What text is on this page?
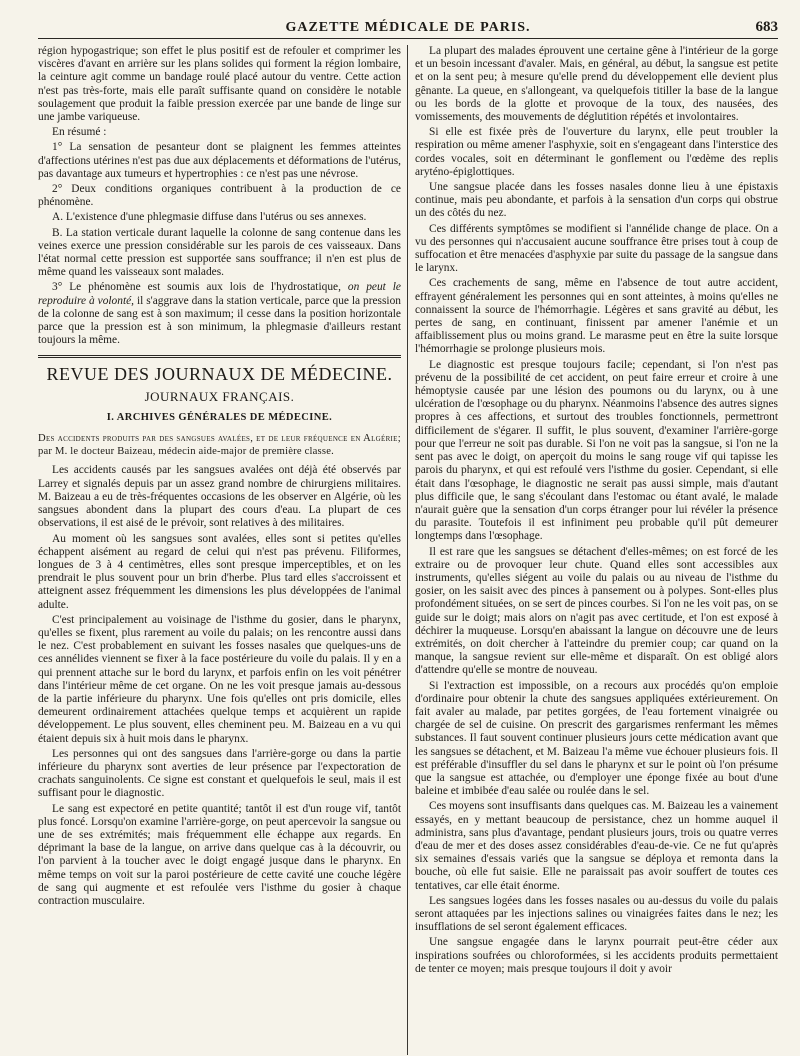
GAZETTE MÉDICALE DE PARIS.	683

région hypogastrique; son effet le plus positif est de refouler et comprimer les viscères d'avant en arrière sur les plans solides qui forment la région lombaire, la ceinture agit comme un bandage roulé placé autour du ventre. Cette action n'est pas très-forte, mais elle paraît suffisante quand on considère le notable soulagement que produit la faible pression exercée par une bande de linge sur une jambe variqueuse.

En résumé :

1° La sensation de pesanteur dont se plaignent les femmes atteintes d'affections utérines n'est pas due aux déplacements et déformations de l'utérus, pas davantage aux tumeurs et hypertrophies : ce n'est pas une névrose.

2° Deux conditions organiques contribuent à la production de ce phénomène.

A. L'existence d'une phlegmasie diffuse dans l'utérus ou ses annexes.

B. La station verticale durant laquelle la colonne de sang contenue dans les veines exerce une pression considérable sur les parois de ces vaisseaux. Dans l'état normal cette pression est supportée sans souffrance; il n'en est plus de même quand les vaisseaux sont malades.

3° Le phénomène est soumis aux lois de l'hydrostatique, on peut le reproduire à volonté, il s'aggrave dans la station verticale, parce que la pression de la colonne de sang est à son maximum; il cesse dans la position horizontale parce que la pression est à son minimum, la phlegmasie d'ailleurs restant toujours la même.

REVUE DES JOURNAUX DE MÉDECINE.
JOURNAUX FRANÇAIS.
I. ARCHIVES GÉNÉRALES DE MÉDECINE.

Des accidents produits par des sangsues avalées, et de leur fréquence en Algérie; par M. le docteur Baizeau, médecin aide-major de première classe.

Les accidents causés par les sangsues avalées ont déjà été observés par Larrey et signalés depuis par un assez grand nombre de chirurgiens militaires. M. Baizeau a eu de très-fréquentes occasions de les observer en Algérie, où les sangsues abondent dans la plupart des cours d'eau. La plupart de ces observations, il est aisé de le prévoir, sont relatives à des militaires.

Au moment où les sangsues sont avalées, elles sont si petites qu'elles échappent aisément au regard de celui qui n'est pas prévenu. Filiformes, longues de 3 à 4 centimètres, elles sont presque imperceptibles, et on les prendrait le plus souvent pour un brin d'herbe. Plus tard elles s'accroissent et atteignent assez fréquemment les dimensions les plus développées de l'animal adulte.

C'est principalement au voisinage de l'isthme du gosier, dans le pharynx, qu'elles se fixent, plus rarement au voile du palais; on les rencontre aussi dans le nez. C'est probablement en suivant les fosses nasales que quelques-uns de ces annélides viennent se fixer à la face postérieure du voile du palais. Il y en a qui prennent attache sur le bord du larynx, et parfois enfin on les voit pénétrer dans l'intérieur même de cet organe. On ne les voit presque jamais au-dessous de la partie inférieure du pharynx. Une fois qu'elles ont pris domicile, elles demeurent ordinairement attachées quelque temps et acquièrent un rapide développement. Le plus souvent, elles cheminent peu. M. Baizeau en a vu qui étaient depuis six à huit mois dans le pharynx.

Les personnes qui ont des sangsues dans l'arrière-gorge ou dans la partie inférieure du pharynx sont averties de leur présence par l'expectoration de crachats sanguinolents. Ce signe est constant et quelquefois le seul, mais il est suffisant pour le diagnostic.

Le sang est expectoré en petite quantité; tantôt il est d'un rouge vif, tantôt plus foncé. Lorsqu'on examine l'arrière-gorge, on peut apercevoir la sangsue ou une de ses extrémités; mais fréquemment elle échappe aux regards. En déprimant la base de la langue, on arrive dans quelque cas à la découvrir, ou l'on parvient à la toucher avec le doigt engagé jusque dans le pharynx. En même temps on voit sur la paroi postérieure de cette cavité une couche légère de sang qui augmente et est refoulée vers l'isthme du gosier à chaque contraction musculaire.

La plupart des malades éprouvent une certaine gêne à l'intérieur de la gorge et un besoin incessant d'avaler. Mais, en général, au début, la sangsue est petite et on la sent peu; à mesure qu'elle prend du développement elle devient plus gênante. La queue, en s'allongeant, va quelquefois titiller la base de la langue ou les bords de la glotte et provoque de la toux, des nausées, des vomissements, des mouvements de déglutition répétés et involontaires.

Si elle est fixée près de l'ouverture du larynx, elle peut troubler la respiration ou même amener l'asphyxie, soit en s'engageant dans l'interstice des cordes vocales, soit en déterminant le gonflement ou l'œdème des replis aryténo-épiglottiques.

Une sangsue placée dans les fosses nasales donne lieu à une épistaxis continue, mais peu abondante, et parfois à la sensation d'un corps qui obstrue un des côtés du nez.

Ces différents symptômes se modifient si l'annélide change de place. On a vu des personnes qui n'accusaient aucune souffrance être prises tout à coup de suffocation et être menacées d'asphyxie par suite du passage de la sangsue dans le larynx.

Ces crachements de sang, même en l'absence de tout autre accident, effrayent généralement les personnes qui en sont atteintes, à moins qu'elles ne connaissent la source de l'hémorrhagie. Légères et sans gravité au début, les pertes de sang, en continuant, finissent par amener l'anémie et un affaiblissement plus ou moins grand. Le marasme peut en être la suite lorsque l'hémorrhagie se prolonge plusieurs mois.

Le diagnostic est presque toujours facile; cependant, si l'on n'est pas prévenu de la possibilité de cet accident, on peut faire erreur et croire à une hémoptysie causée par une lésion des poumons ou du larynx, ou à une ulcération de l'œsophage ou du pharynx. Néanmoins l'absence des autres signes propres à ces affections, et surtout des troubles fonctionnels, permettront difficilement de s'égarer. Il suffit, le plus souvent, d'examiner l'arrière-gorge pour que l'erreur ne soit pas durable. Si l'on ne voit pas la sangsue, si l'on ne la sent pas avec le doigt, on aperçoit du moins le sang rouge vif qui tapisse les parois du pharynx, et qui est refoulé vers l'isthme du gosier. Cependant, si elle était dans l'œsophage, le diagnostic ne serait pas aussi simple, mais d'autant plus difficile que, le sang s'écoulant dans l'estomac ou étant avalé, le malade n'aurait guère que la sensation d'un corps étranger pour lui révéler la présence du parasite. Toutefois il est infiniment peu probable qu'il pût demeurer longtemps dans l'œsophage.

Il est rare que les sangsues se détachent d'elles-mêmes; on est forcé de les extraire ou de provoquer leur chute. Quand elles sont accessibles aux instruments, qu'elles siégent au voile du palais ou au niveau de l'isthme du gosier, on les saisit avec des pinces à pansement ou à polypes. Sont-elles plus profondément situées, on se sert de pinces courbes. Si l'on ne les voit pas, on se guide sur le doigt; mais alors on n'agit pas avec certitude, et l'on est exposé à déchirer la muqueuse. Lorsqu'en abaissant la langue on découvre une de leurs extrémités, on doit chercher à l'atteindre du premier coup; car quand on la manque, la sangsue revient sur elle-même et disparaît. On est obligé alors d'attendre qu'elle se montre de nouveau.

Si l'extraction est impossible, on a recours aux procédés qu'on emploie d'ordinaire pour obtenir la chute des sangsues appliquées extérieurement. On fait avaler au malade, par petites gorgées, de l'eau fortement vinaigrée ou chargée de sel de cuisine. On prescrit des gargarismes renfermant les mêmes substances. Il faut souvent continuer plusieurs jours cette médication avant que les sangsues se détachent, et M. Baizeau l'a même vue échouer plusieurs fois. Il est préférable d'insuffler du sel dans le pharynx et sur le point où l'on présume que la sangsue est attachée, ou d'employer une éponge fixée au bout d'une baleine et imbibée d'eau salée ou roulée dans le sel.

Ces moyens sont insuffisants dans quelques cas. M. Baizeau les a vainement essayés, en y mettant beaucoup de persistance, chez un homme auquel il administra, sans plus d'avantage, pendant plusieurs jours, trois ou quatre verres d'eau de mer et des doses assez considérables d'eau-de-vie. Ce ne fut qu'après six semaines d'essais variés que la sangsue se déploya et remonta dans la bouche, où elle fut saisie. Elle ne paraissait pas avoir souffert de toutes ces tentatives, car elle était énorme.

Les sangsues logées dans les fosses nasales ou au-dessus du voile du palais seront attaquées par les injections salines ou vinaigrées faites dans le nez; les insufflations de sel seront également efficaces.

Une sangsue engagée dans le larynx pourrait peut-être céder aux inspirations soufrées ou chloroformées, si les accidents produits permettaient de tenter ce moyen; mais presque toujours il doit y avoir
